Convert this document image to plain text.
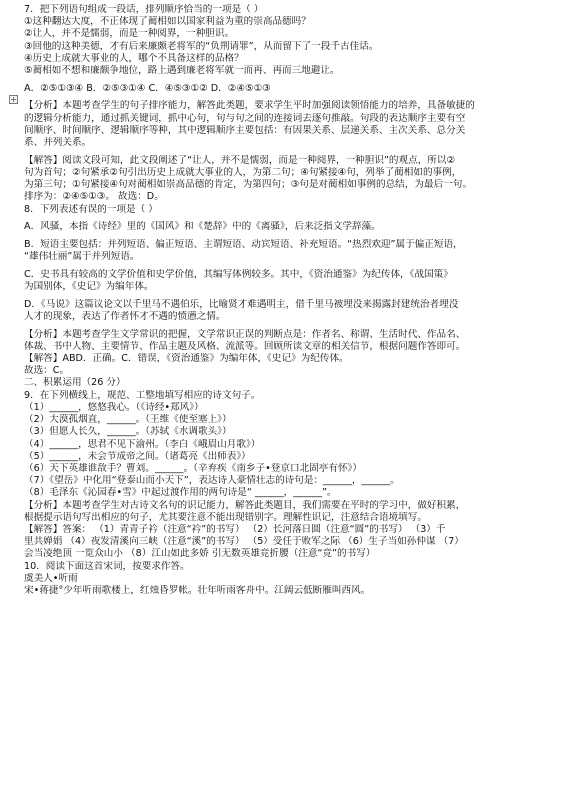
+
7．把下列语句组成一段话，排列顺序恰当的一项是（ ）
①这种翻达大度，不正体现了蔺相如以国家利益为重的崇高品德吗？
②让人，并不是懦弱，而是一种阅界，一种胆识。
③回他的这种美德，才有后来廉颇老将军的“负荆请罪”，从而留下了一段千古佳话。
④历史上成就大事业的人，哪个不具备这样的品格？
⑤蔺相如不想和廉颇争地位，路上遇到廉老将军就一而再、再而三地避让。
A．②⑤①③④ B．②⑤③①④ C．④⑤③①② D．②④⑤①③
【分析】本题考查学生的句子排序能力，解答此类题，要求学生平时加强阅读领悟能力的培养，具备敏捷的
的逻辑分析能力，通过抓关键词，抓中心句，句与句之间的连接词去逐句推敲。句段的表达顺序主要有空
间顺序、时间顺序、逻辑顺序等种，其中逻辑顺序主要包括：有因果关系、层递关系、主次关系、总分关
系、并列关系。
【解答】阅读文段可知，此文段阐述了“让人，并不是懦弱，而是一种阅界，一种胆识”的观点，所以②
句为首句；②句紧承②句引出历史上成就大事业的人，为第二句；④句紧接④句，列举了蔺相如的事例，
为第三句；①句紧接④句对蔺相如崇高品德的肯定，为第四句；③句是对蔺相如事例的总结，为最后一句。
排序为：②④⑤①③。 故选：D。
8．下列表述有误的一项是（ ）
A．风骚，本指《诗经》里的《国风》和《楚辞》中的《离骚》，后来泛指文学辞藻。
B．短语主要包括：并列短语、偏正短语、主谓短语、动宾短语、补充短语。“热烈欢迎”属于偏正短语，
“雄伟壮丽”属于并列短语。
C．史书具有较高的文学价值和史学价值，其编写体例较多。其中，《资治通鉴》为纪传体，《战国策》
为国别体，《史记》为编年体。
D．《马说》这篇议论文以千里马不遇伯乐，比喻贤才难遇明主，借千里马被埋没来揭露封建统治者埋没
人才的现象，表达了作者怀才不遇的愤懑之情。
【分析】本题考查学生文学常识的把握，文学常识正误的判断点是：作者名、称谓、生活时代、作品名、
体裁、书中人物、主要情节、作品主题及风格、流派等。回顾所读文章的相关信节，根据问题作答即可。
【解答】ABD．正确。C．错误，《资治通鉴》为编年体，《史记》为纪传体。
故选：C。
二、积累运用（26 分）
9．在下列横线上，规范、工整地填写相应的诗文句子。
（1）______，悠悠我心。（《诗经•郑风》）
（2）大漠孤烟直，______。（王维《使至塞上》）
（3）但愿人长久，______。（苏轼《水调歌头》）
（4）______，思君不见下渝州。（李白《峨眉山月歌》）
（5）______，未会节成帝之间。（诸葛亮《出师表》）
（6）天下英雄谁敌手？曹刘。______。（辛弃疾《南乡子•登京口北固亭有怀》）
（7）《望岳》中化用“登泰山而小天下”，表达诗人豪情壮志的诗句是：______，______。
（8）毛泽东《沁园春•雪》中起过渡作用的两句诗是“ ______，______”。
【分析】本题考查学生对古诗文名句的识记能力，解答此类题目，我们需要在平时的学习中，做好积累，
根据提示语句写出相应的句子，尤其要注意不能出现错别字。理解性识记，注意结合语境填写。
【解答】答案： （1）青青子衿（注意“衿”的书写） （2）长河落日圆（注意“圆”的书写） （3）千
里共婵娟 （4）夜发清溪向三峡（注意“溪”的书写） （5）受任于败军之际 （6）生子当如孙仲谋 （7）
会当凌绝顶 一览众山小 （8）江山如此多娇 引无数英雄竞折腰（注意“竞”的书写）
10．阅读下面这首宋词，按要求作答。
虞美人•听雨
宋•蒋捷°少年听雨歌楼上，红烛昏罗帐。壮年听雨客舟中。江阔云低断雁叫西风。
